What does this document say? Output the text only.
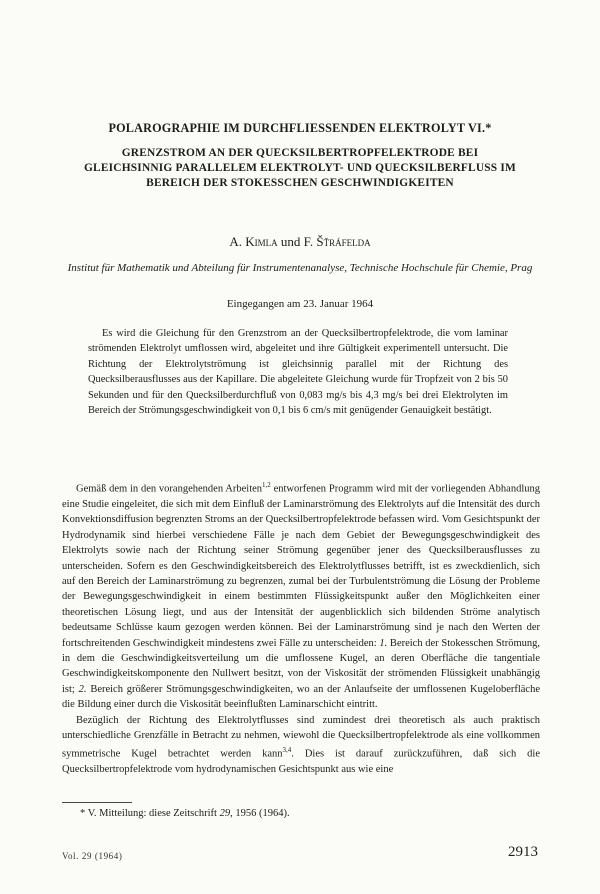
POLAROGRAPHIE IM DURCHFLIESSENDEN ELEKTROLYT VI.*
GRENZSTROM AN DER QUECKSILBERTROPFELEKTRODE BEI GLEICHSINNIG PARALLELEM ELEKTROLYT- UND QUECKSILBERFLUSS IM BEREICH DER STOKESSCHEN GESCHWINDIGKEITEN
A. Kimla und F. Šťráfelda
Institut für Mathematik und Abteilung für Instrumentenanalyse, Technische Hochschule für Chemie, Prag
Eingegangen am 23. Januar 1964

Es wird die Gleichung für den Grenzstrom an der Quecksilbertropfelektrode, die vom laminar strömenden Elektrolyt umflossen wird, abgeleitet und ihre Gültigkeit experimentell untersucht. Die Richtung der Elektrolytströmung ist gleichsinnig parallel mit der Richtung des Quecksilberausflusses aus der Kapillare. Die abgeleitete Gleichung wurde für Tropfzeit von 2 bis 50 Sekunden und für den Quecksilberdurchfluß von 0,083 mg/s bis 4,3 mg/s bei drei Elektrolyten im Bereich der Strömungsgeschwindigkeit von 0,1 bis 6 cm/s mit genügender Genauigkeit bestätigt.

Gemäß dem in den vorangehenden Arbeiten$^{1,2}$ entworfenen Programm wird mit der vorliegenden Abhandlung eine Studie eingeleitet, die sich mit dem Einfluß der Laminarströmung des Elektrolyts auf die Intensität des durch Konvektionsdiffusion begrenzten Stroms an der Quecksilbertropfelektrode befassen wird. Vom Gesichtspunkt der Hydrodynamik sind hierbei verschiedene Fälle je nach dem Gebiet der Bewegungsgeschwindigkeit des Elektrolyts sowie nach der Richtung seiner Strömung gegenüber jener des Quecksilberausflusses zu unterscheiden. Sofern es den Geschwindigkeitsbereich des Elektrolytflusses betrifft, ist es zweckdienlich, sich auf den Bereich der Laminarströmung zu begrenzen, zumal bei der Turbulentströmung die Lösung der Probleme der Bewegungsgeschwindigkeit in einem bestimmten Flüssigkeitspunkt außer den Möglichkeiten einer theoretischen Lösung liegt, und aus der Intensität der augenblicklich sich bildenden Ströme analytisch bedeutsame Schlüsse kaum gezogen werden können. Bei der Laminarströmung sind je nach den Werten der fortschreitenden Geschwindigkeit mindestens zwei Fälle zu unterscheiden: 1. Bereich der Stokesschen Strömung, in dem die Geschwindigkeitsverteilung um die umflossene Kugel, an deren Oberfläche die tangentiale Geschwindigkeitskomponente den Nullwert besitzt, von der Viskosität der strömenden Flüssigkeit unabhängig ist; 2. Bereich größerer Strömungsgeschwindigkeiten, wo an der Anlaufseite der umflossenen Kugeloberfläche die Bildung einer durch die Viskosität beeinflußten Laminarschicht eintritt.

Bezüglich der Richtung des Elektrolytflusses sind zumindest drei theoretisch als auch praktisch unterschiedliche Grenzfälle in Betracht zu nehmen, wiewohl die Quecksilbertropfelektrode als eine vollkommen symmetrische Kugel betrachtet werden kann$^{3,4}$. Dies ist darauf zurückzuführen, daß sich die Quecksilbertropfelektrode vom hydrodynamischen Gesichtspunkt aus wie eine

* V. Mitteilung: diese Zeitschrift 29, 1956 (1964).
Vol. 29 (1964)	2913
